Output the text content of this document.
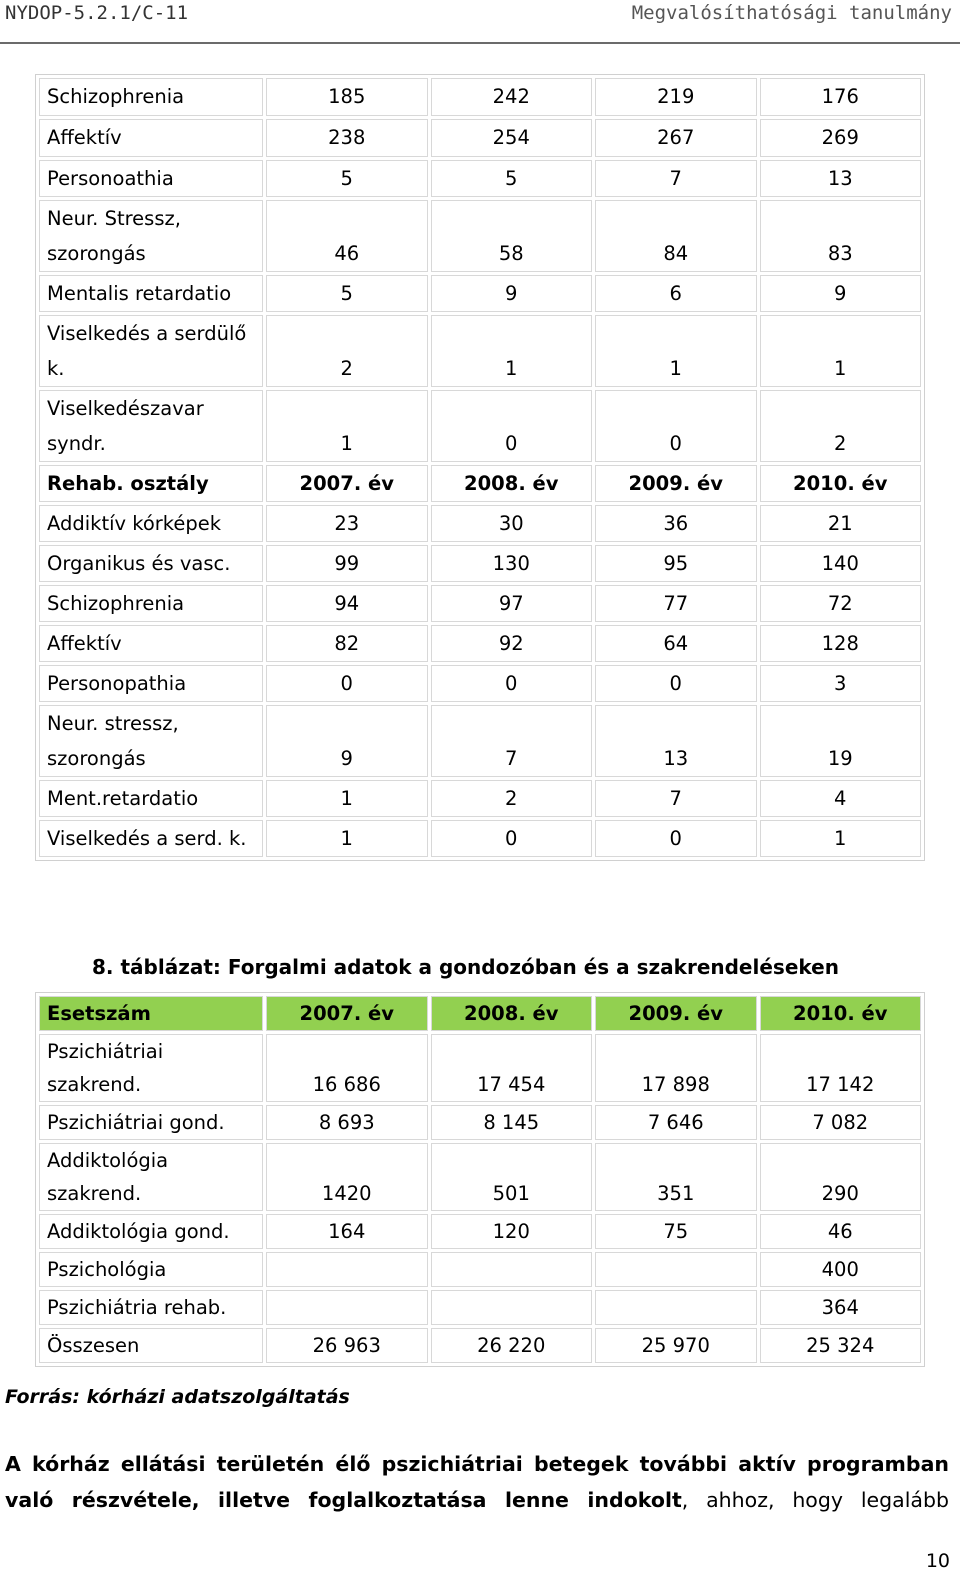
NYDOP-5.2.1/C-11	Megvalósíthatósági tanulmány
Schizophrenia	185	242	219	176
Affektív	238	254	267	269
Personoathia	5	5	7	13
Neur. Stressz, szorongás	46	58	84	83
Mentalis retardatio	5	9	6	9
Viselkedés a serdülő k.	2	1	1	1
Viselkedészavar syndr.	1	0	0	2
Rehab. osztály	2007. év	2008. év	2009. év	2010. év
Addiktív kórképek	23	30	36	21
Organikus és vasc.	99	130	95	140
Schizophrenia	94	97	77	72
Affektív	82	92	64	128
Personopathia	0	0	0	3
Neur. stressz, szorongás	9	7	13	19
Ment.retardatio	1	2	7	4
Viselkedés a serd. k.	1	0	0	1
8. táblázat: Forgalmi adatok a gondozóban és a szakrendeléseken
Esetszám	2007. év	2008. év	2009. év	2010. év
Pszichiátriai szakrend.	16 686	17 454	17 898	17 142
Pszichiátriai gond.	8 693	8 145	7 646	7 082
Addiktológia szakrend.	1420	501	351	290
Addiktológia gond.	164	120	75	46
Pszichológia				400
Pszichiátria rehab.				364
Összesen	26 963	26 220	25 970	25 324
Forrás: kórházi adatszolgáltatás
A kórház ellátási területén élő pszichiátriai betegek további aktív programban való részvétele, illetve foglalkoztatása lenne indokolt, ahhoz, hogy legalább
10
